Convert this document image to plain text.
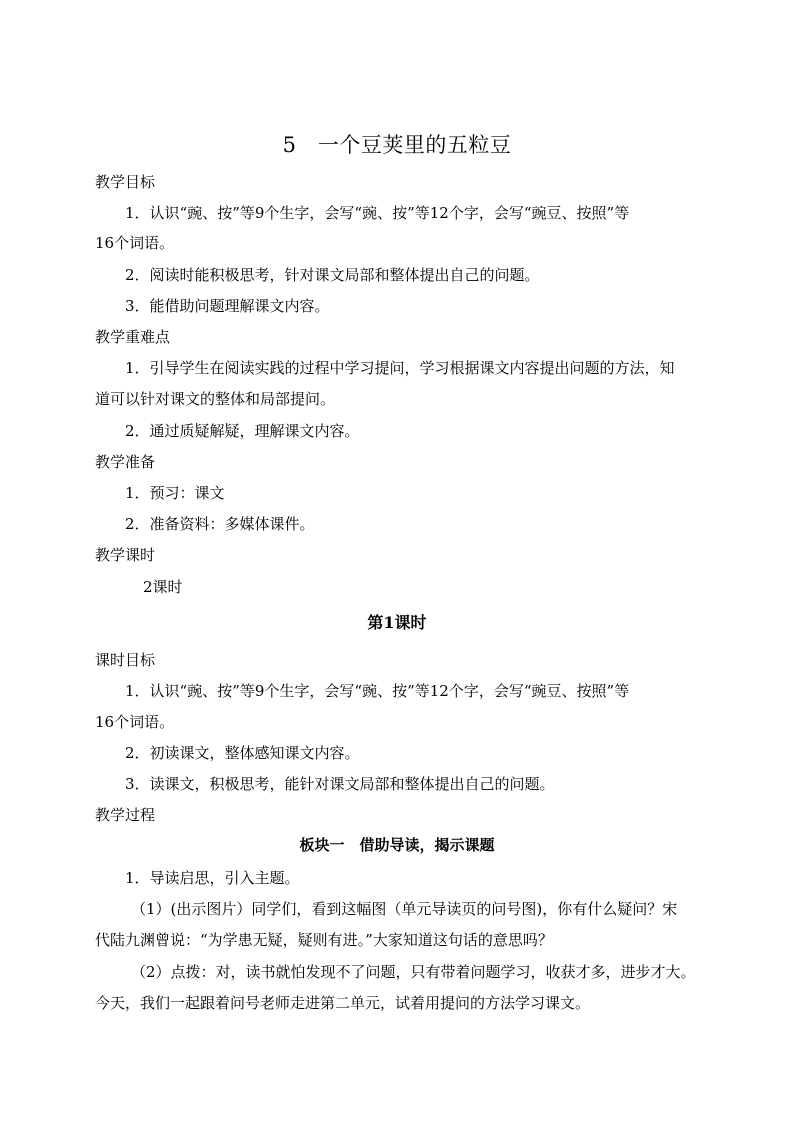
5　一个豆荚里的五粒豆
教学目标
1．认识“豌、按”等9个生字，会写“豌、按”等12个字，会写“豌豆、按照”等
16个词语。
2．阅读时能积极思考，针对课文局部和整体提出自己的问题。
3．能借助问题理解课文内容。
教学重难点
1．引导学生在阅读实践的过程中学习提问，学习根据课文内容提出问题的方法，知
道可以针对课文的整体和局部提问。
2．通过质疑解疑，理解课文内容。
教学准备
1．预习：课文
2．准备资料：多媒体课件。
教学课时
2课时
第1课时
课时目标
1．认识“豌、按”等9个生字，会写“豌、按”等12个字，会写“豌豆、按照”等
16个词语。
2．初读课文，整体感知课文内容。
3．读课文，积极思考，能针对课文局部和整体提出自己的问题。
教学过程
板块一　借助导读，揭示课题
1．导读启思，引入主题。
（1）(出示图片）同学们，看到这幅图（单元导读页的问号图)，你有什么疑问？宋
代陆九渊曾说：“为学患无疑，疑则有进。”大家知道这句话的意思吗？
（2）点拨：对，读书就怕发现不了问题，只有带着问题学习，收获才多，进步才大。
今天，我们一起跟着问号老师走进第二单元，试着用提问的方法学习课文。
